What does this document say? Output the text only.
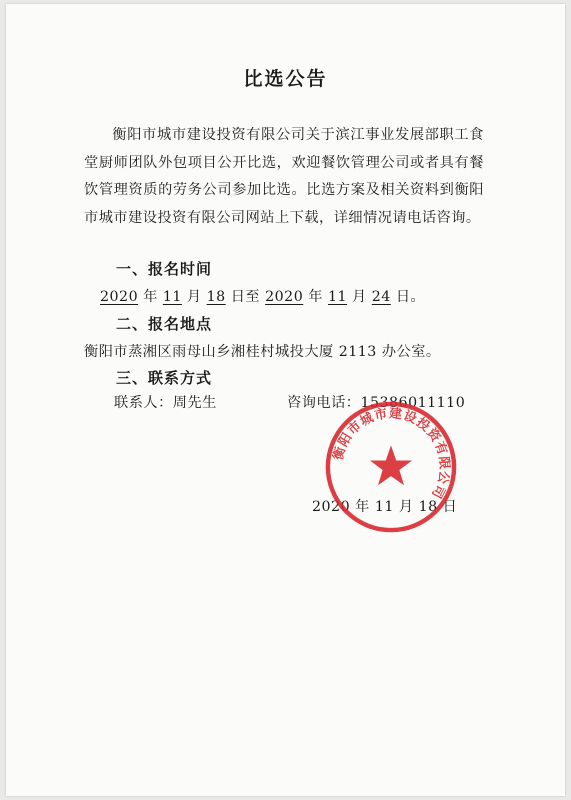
比选公告
衡阳市城市建设投资有限公司关于滨江事业发展部职工食堂厨师团队外包项目公开比选，欢迎餐饮管理公司或者具有餐饮管理资质的劳务公司参加比选。比选方案及相关资料到衡阳市城市建设投资有限公司网站上下载，详细情况请电话咨询。
一、报名时间
2020 年 11 月 18 日至 2020 年 11 月 24 日。
二、报名地点
衡阳市蒸湘区雨母山乡湘桂村城投大厦 2113 办公室。
三、联系方式
联系人：周先生	咨询电话：15386011110
2020 年 11 月 18 日
衡阳市城市建设投资有限公司
